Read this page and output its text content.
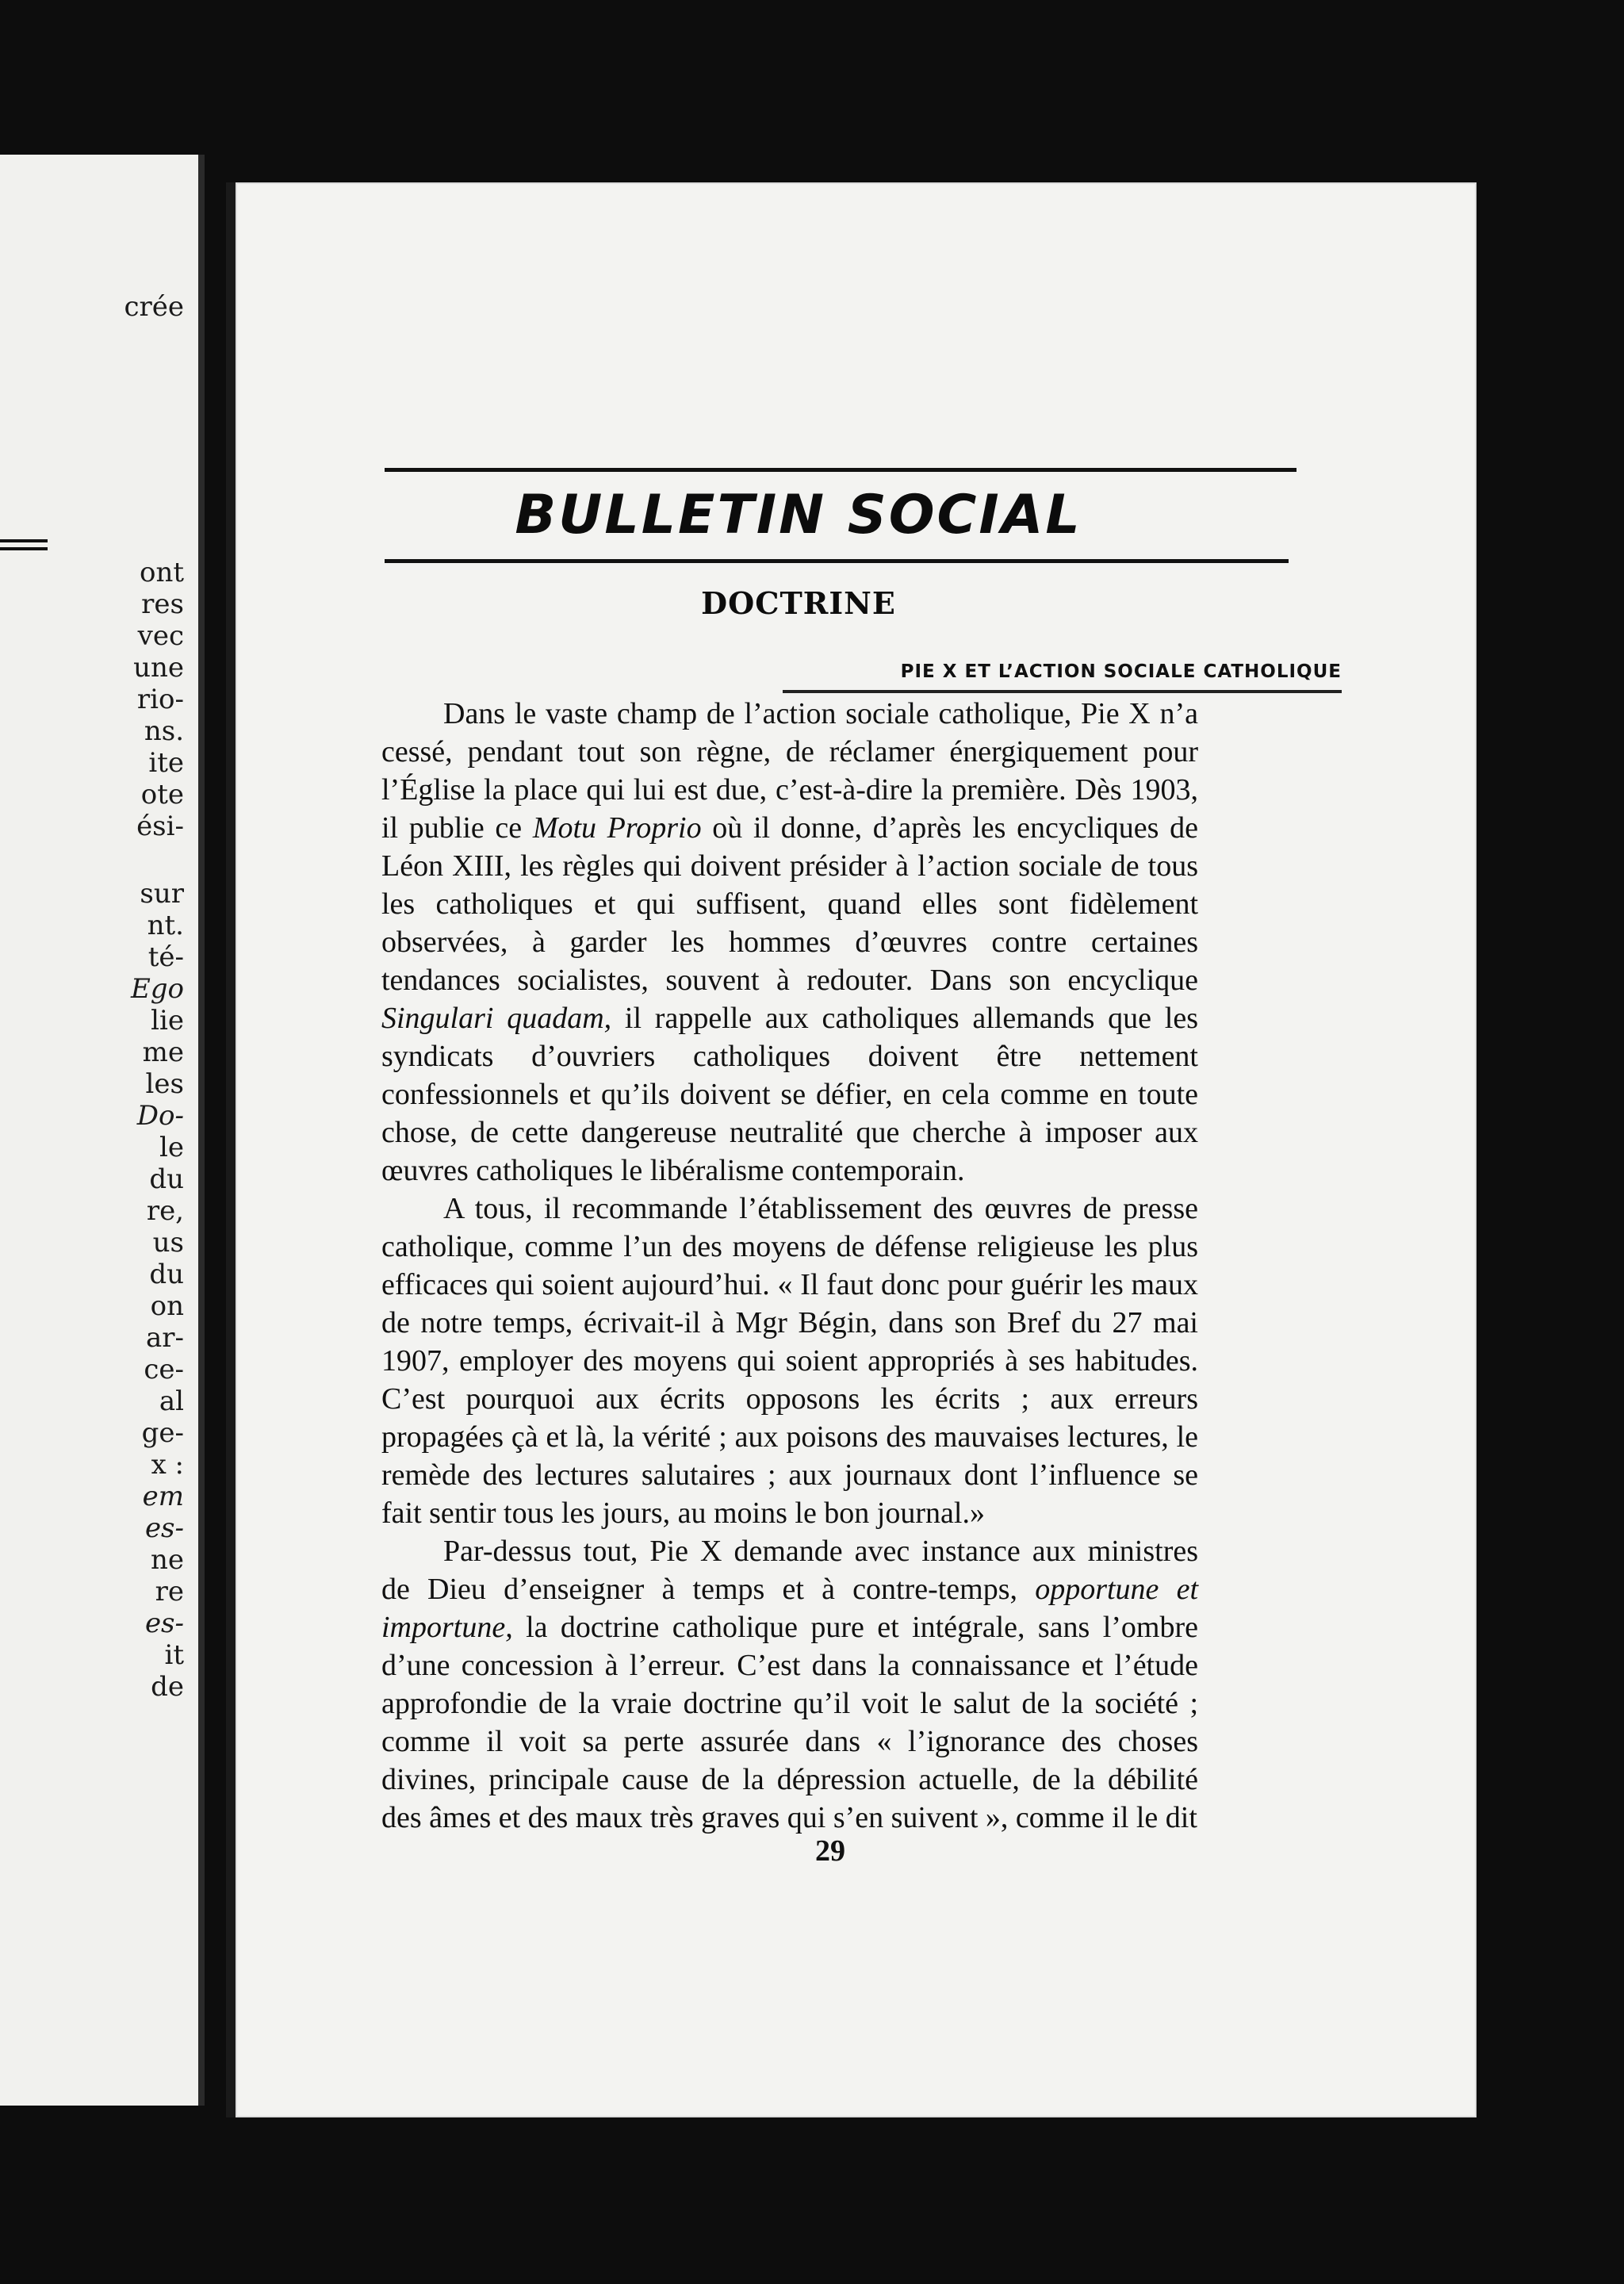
crée
ont
res
vec
une
rio-
ns.
ite
ote
ési-
sur
nt.
té-
Ego
lie
me
les
Do-
le
du
re,
us
du
on
ar-
ce-
al
ge-
x :
em
es-
ne
re
es-
it
de
BULLETIN SOCIAL
DOCTRINE
PIE X ET L’ACTION SOCIALE CATHOLIQUE

Dans le vaste champ de l’action sociale catholique, Pie X n’a cessé, pendant tout son règne, de réclamer énergiquement pour l’Église la place qui lui est due, c’est-à-dire la première. Dès 1903, il publie ce Motu Proprio où il donne, d’après les encycliques de Léon XIII, les règles qui doivent présider à l’action sociale de tous les catholiques et qui suffisent, quand elles sont fidèlement observées, à garder les hommes d’œuvres contre certaines tendances socialistes, souvent à redouter. Dans son encyclique Singulari quadam, il rappelle aux catholiques allemands que les syndicats d’ouvriers catholiques doivent être nettement confessionnels et qu’ils doivent se défier, en cela comme en toute chose, de cette dangereuse neutralité que cherche à imposer aux œuvres catholiques le libéralisme contemporain.

A tous, il recommande l’établissement des œuvres de presse catholique, comme l’un des moyens de défense religieuse les plus efficaces qui soient aujourd’hui. « Il faut donc pour guérir les maux de notre temps, écrivait-il à Mgr Bégin, dans son Bref du 27 mai 1907, employer des moyens qui soient appropriés à ses habitudes. C’est pourquoi aux écrits opposons les écrits ; aux erreurs propagées çà et là, la vérité ; aux poisons des mauvaises lectures, le remède des lectures salutaires ; aux journaux dont l’influence se fait sentir tous les jours, au moins le bon journal.»

Par-dessus tout, Pie X demande avec instance aux ministres de Dieu d’enseigner à temps et à contre-temps, opportune et importune, la doctrine catholique pure et intégrale, sans l’ombre d’une concession à l’erreur. C’est dans la connaissance et l’étude approfondie de la vraie doctrine qu’il voit le salut de la société ; comme il voit sa perte assurée dans « l’ignorance des choses divines, principale cause de la dépression actuelle, de la débilité des âmes et des maux très graves qui s’en suivent », comme il le dit

29
